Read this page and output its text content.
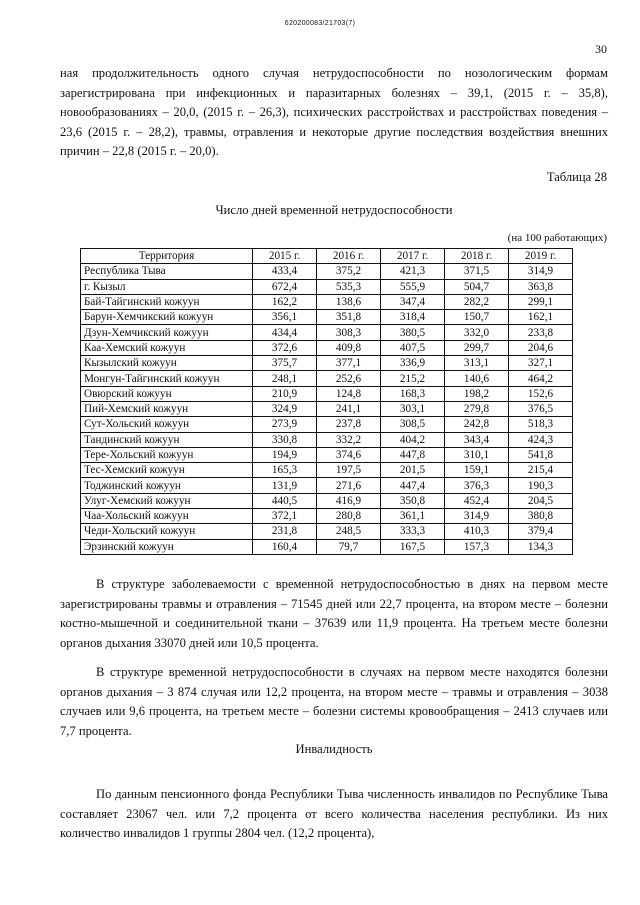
620200083/21703(7)
30

ная продолжительность одного случая нетрудоспособности по нозологическим формам зарегистрирована при инфекционных и паразитарных болезнях – 39,1, (2015 г. – 35,8), новообразованиях – 20,0, (2015 г. – 26,3), психических расстройствах и расстройствах поведения – 23,6 (2015 г. – 28,2), травмы, отравления и некоторые другие последствия воздействия внешних причин – 22,8 (2015 г. – 20,0).

Таблица 28
Число дней временной нетрудоспособности
(на 100 работающих)
Территория	2015 г.	2016 г.	2017 г.	2018 г.	2019 г.
Республика Тыва	433,4	375,2	421,3	371,5	314,9
г. Кызыл	672,4	535,3	555,9	504,7	363,8
Бай-Тайгинский кожуун	162,2	138,6	347,4	282,2	299,1
Барун-Хемчикский кожуун	356,1	351,8	318,4	150,7	162,1
Дзун-Хемчикский кожуун	434,4	308,3	380,5	332,0	233,8
Каа-Хемский кожуун	372,6	409,8	407,5	299,7	204,6
Кызылский кожуун	375,7	377,1	336,9	313,1	327,1
Монгун-Тайгинский кожуун	248,1	252,6	215,2	140,6	464,2
Овюрский кожуун	210,9	124,8	168,3	198,2	152,6
Пий-Хемский кожуун	324,9	241,1	303,1	279,8	376,5
Сут-Хольский кожуун	273,9	237,8	308,5	242,8	518,3
Тандинский кожуун	330,8	332,2	404,2	343,4	424,3
Тере-Хольский кожуун	194,9	374,6	447,8	310,1	541,8
Тес-Хемский кожуун	165,3	197,5	201,5	159,1	215,4
Тоджинский кожуун	131,9	271,6	447,4	376,3	190,3
Улуг-Хемский кожуун	440,5	416,9	350,8	452,4	204,5
Чаа-Хольский кожуун	372,1	280,8	361,1	314,9	380,8
Чеди-Хольский кожуун	231,8	248,5	333,3	410,3	379,4
Эрзинский кожуун	160,4	79,7	167,5	157,3	134,3

В структуре заболеваемости с временной нетрудоспособностью в днях на первом месте зарегистрированы травмы и отравления – 71545 дней или 22,7 процента, на втором месте – болезни костно-мышечной и соединительной ткани – 37639 или 11,9 процента. На третьем месте болезни органов дыхания 33070 дней или 10,5 процента.

В структуре временной нетрудоспособности в случаях на первом месте находятся болезни органов дыхания – 3 874 случая или 12,2 процента, на втором месте – травмы и отравления – 3038 случаев или 9,6 процента, на третьем месте – болезни системы кровообращения – 2413 случаев или 7,7 процента.

Инвалидность

По данным пенсионного фонда Республики Тыва численность инвалидов по Республике Тыва составляет 23067 чел. или 7,2 процента от всего количества населения республики. Из них количество инвалидов 1 группы 2804 чел. (12,2 процента),
